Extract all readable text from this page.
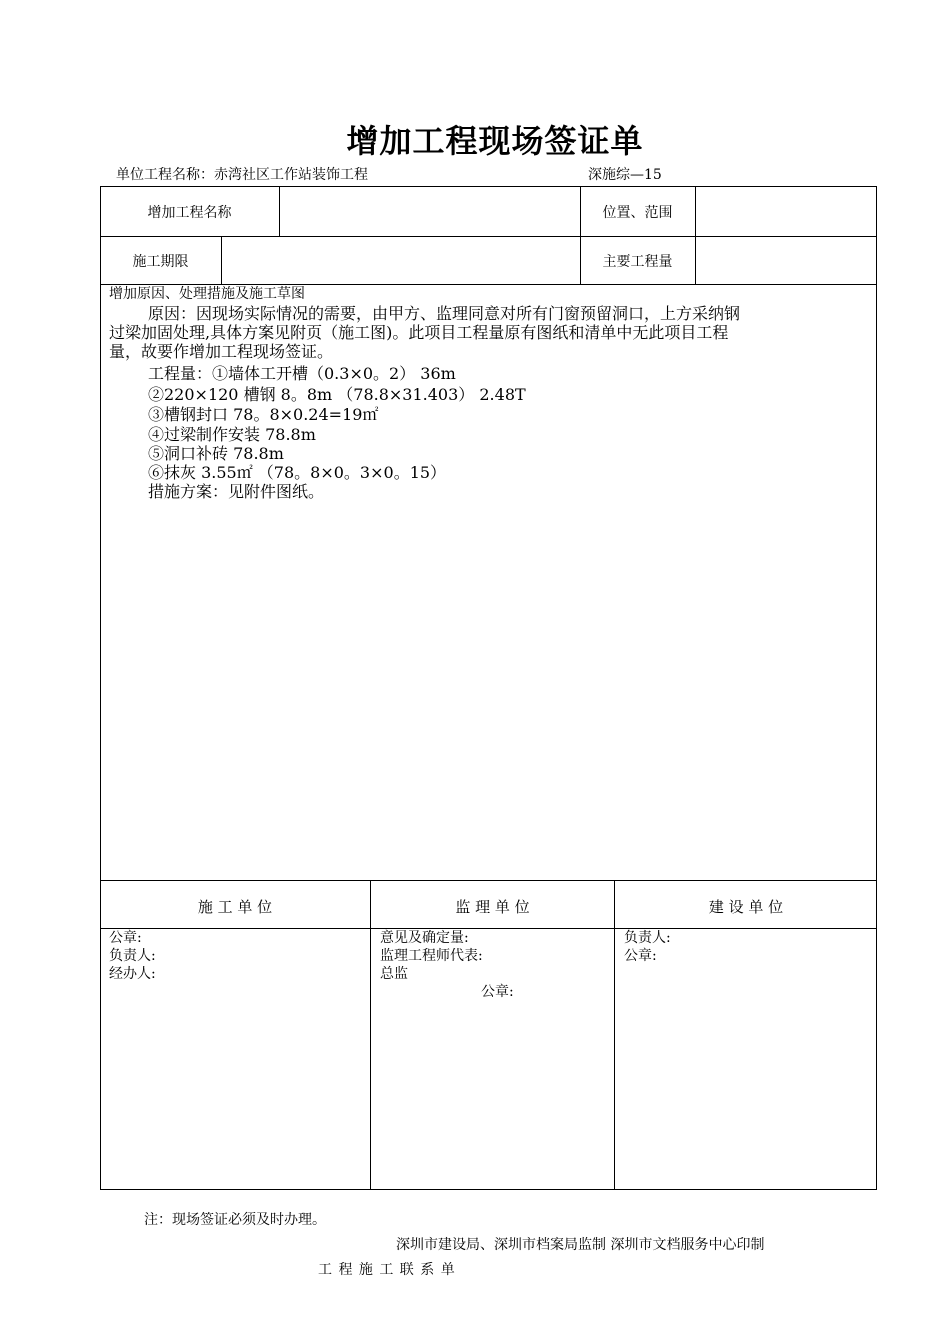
增加工程现场签证单
单位工程名称：赤湾社区工作站装饰工程	深施综—15
增加工程名称	位置、范围
施工期限	主要工程量
增加原因、处理措施及施工草图
原因：因现场实际情况的需要，由甲方、监理同意对所有门窗预留洞口，上方采纳钢
过梁加固处理,具体方案见附页（施工图)。此项目工程量原有图纸和清单中无此项目工程
量，故要作增加工程现场签证。
工程量：①墙体工开槽（0.3×0。2） 36m
②220×120 槽钢 8。8m （78.8×31.403） 2.48T
③槽钢封口 78。8×0.24=19㎡
④过梁制作安装 78.8m
⑤洞口补砖 78.8m
⑥抹灰 3.55㎡ （78。8×0。3×0。15）
措施方案：见附件图纸。
施 工 单 位	监 理 单 位	建 设 单 位
公章:
负责人:
经办人:
意见及确定量:
监理工程师代表:
总监
公章:
负责人:
公章:
注：现场签证必须及时办理。
深圳市建设局、深圳市档案局监制 深圳市文档服务中心印制
工 程 施 工 联 系 单
